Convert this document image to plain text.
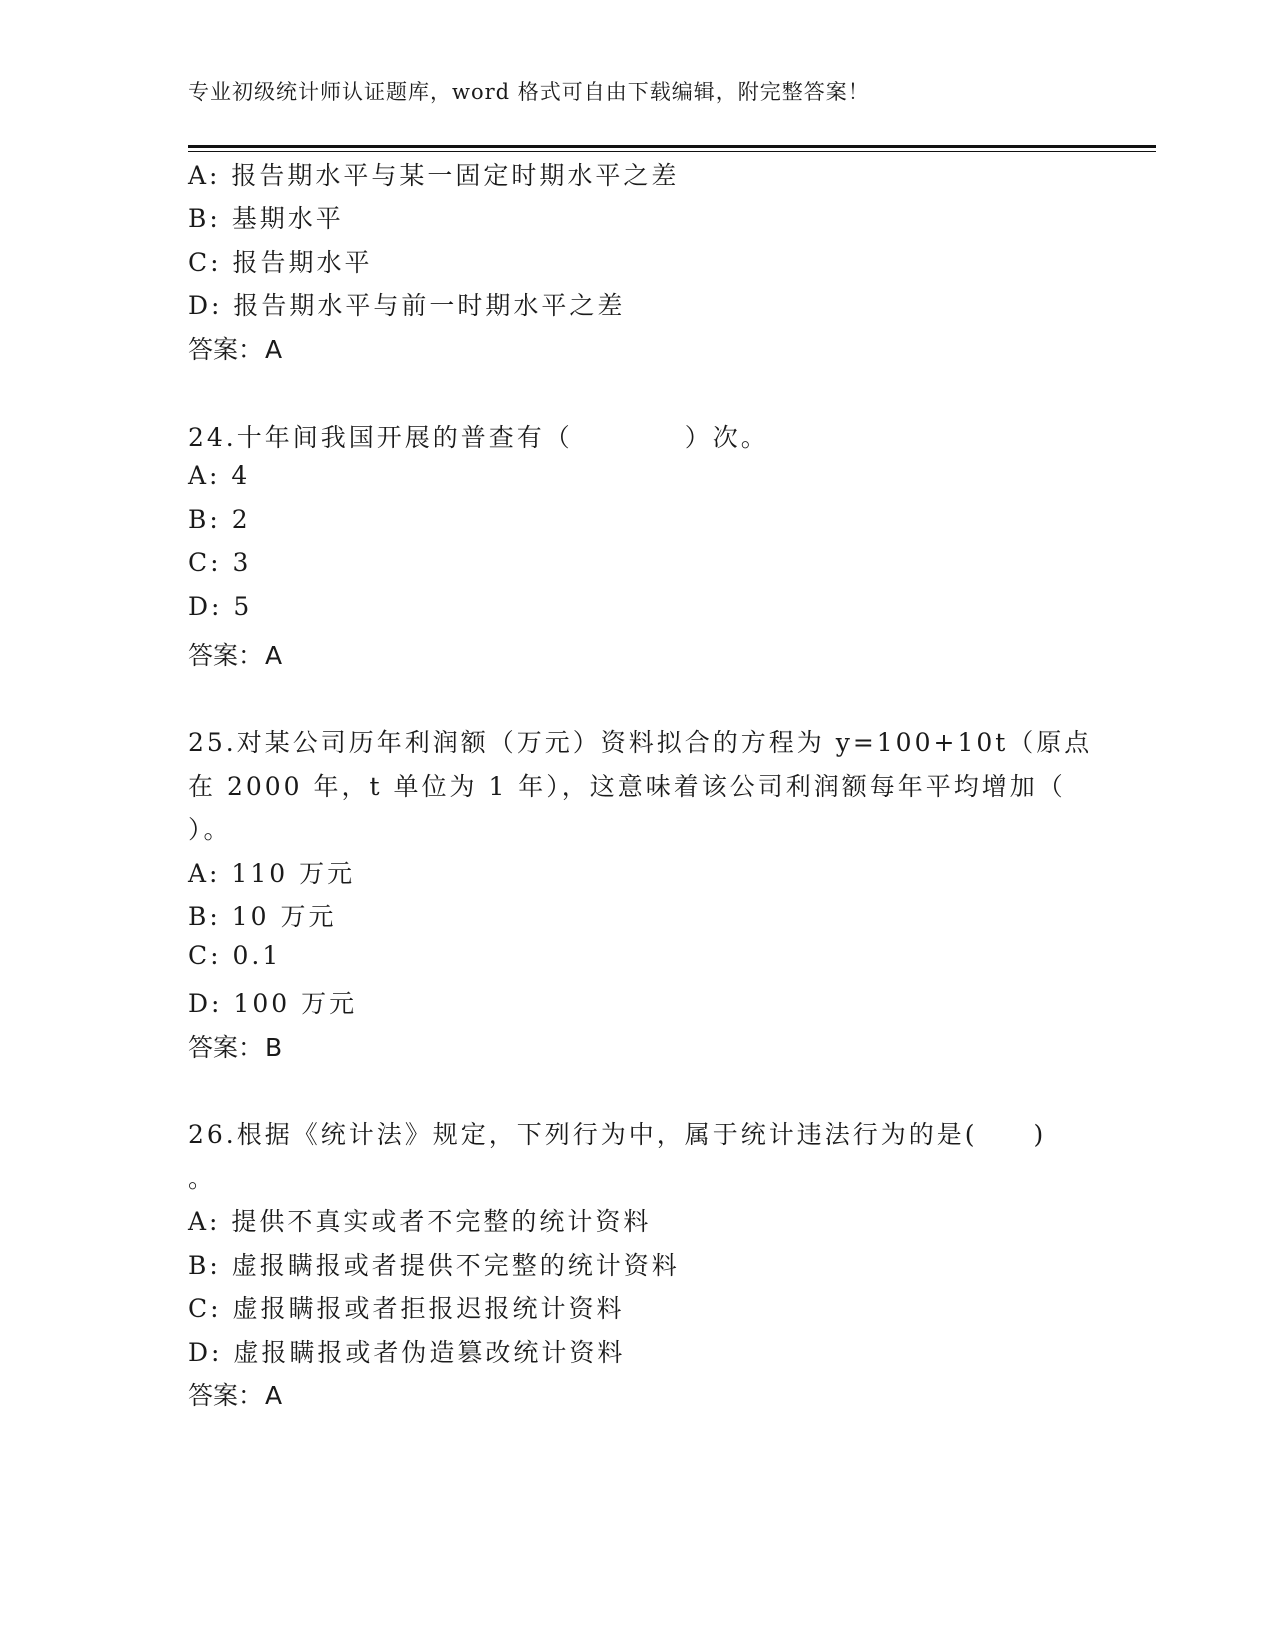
专业初级统计师认证题库，word 格式可自由下载编辑，附完整答案！
A: 报告期水平与某一固定时期水平之差
B: 基期水平
C: 报告期水平
D: 报告期水平与前一时期水平之差
答案：A
24.十年间我国开展的普查有（　　　　）次。
A: 4
B: 2
C: 3
D: 5
答案：A
25.对某公司历年利润额（万元）资料拟合的方程为 y=100+10t（原点
在 2000 年，t 单位为 1 年），这意味着该公司利润额每年平均增加（
）。
A: 110 万元
B: 10 万元
C: 0.1
D: 100 万元
答案：B
26.根据《统计法》规定，下列行为中，属于统计违法行为的是(　　)
。
A: 提供不真实或者不完整的统计资料
B: 虚报瞒报或者提供不完整的统计资料
C: 虚报瞒报或者拒报迟报统计资料
D: 虚报瞒报或者伪造篡改统计资料
答案：A
